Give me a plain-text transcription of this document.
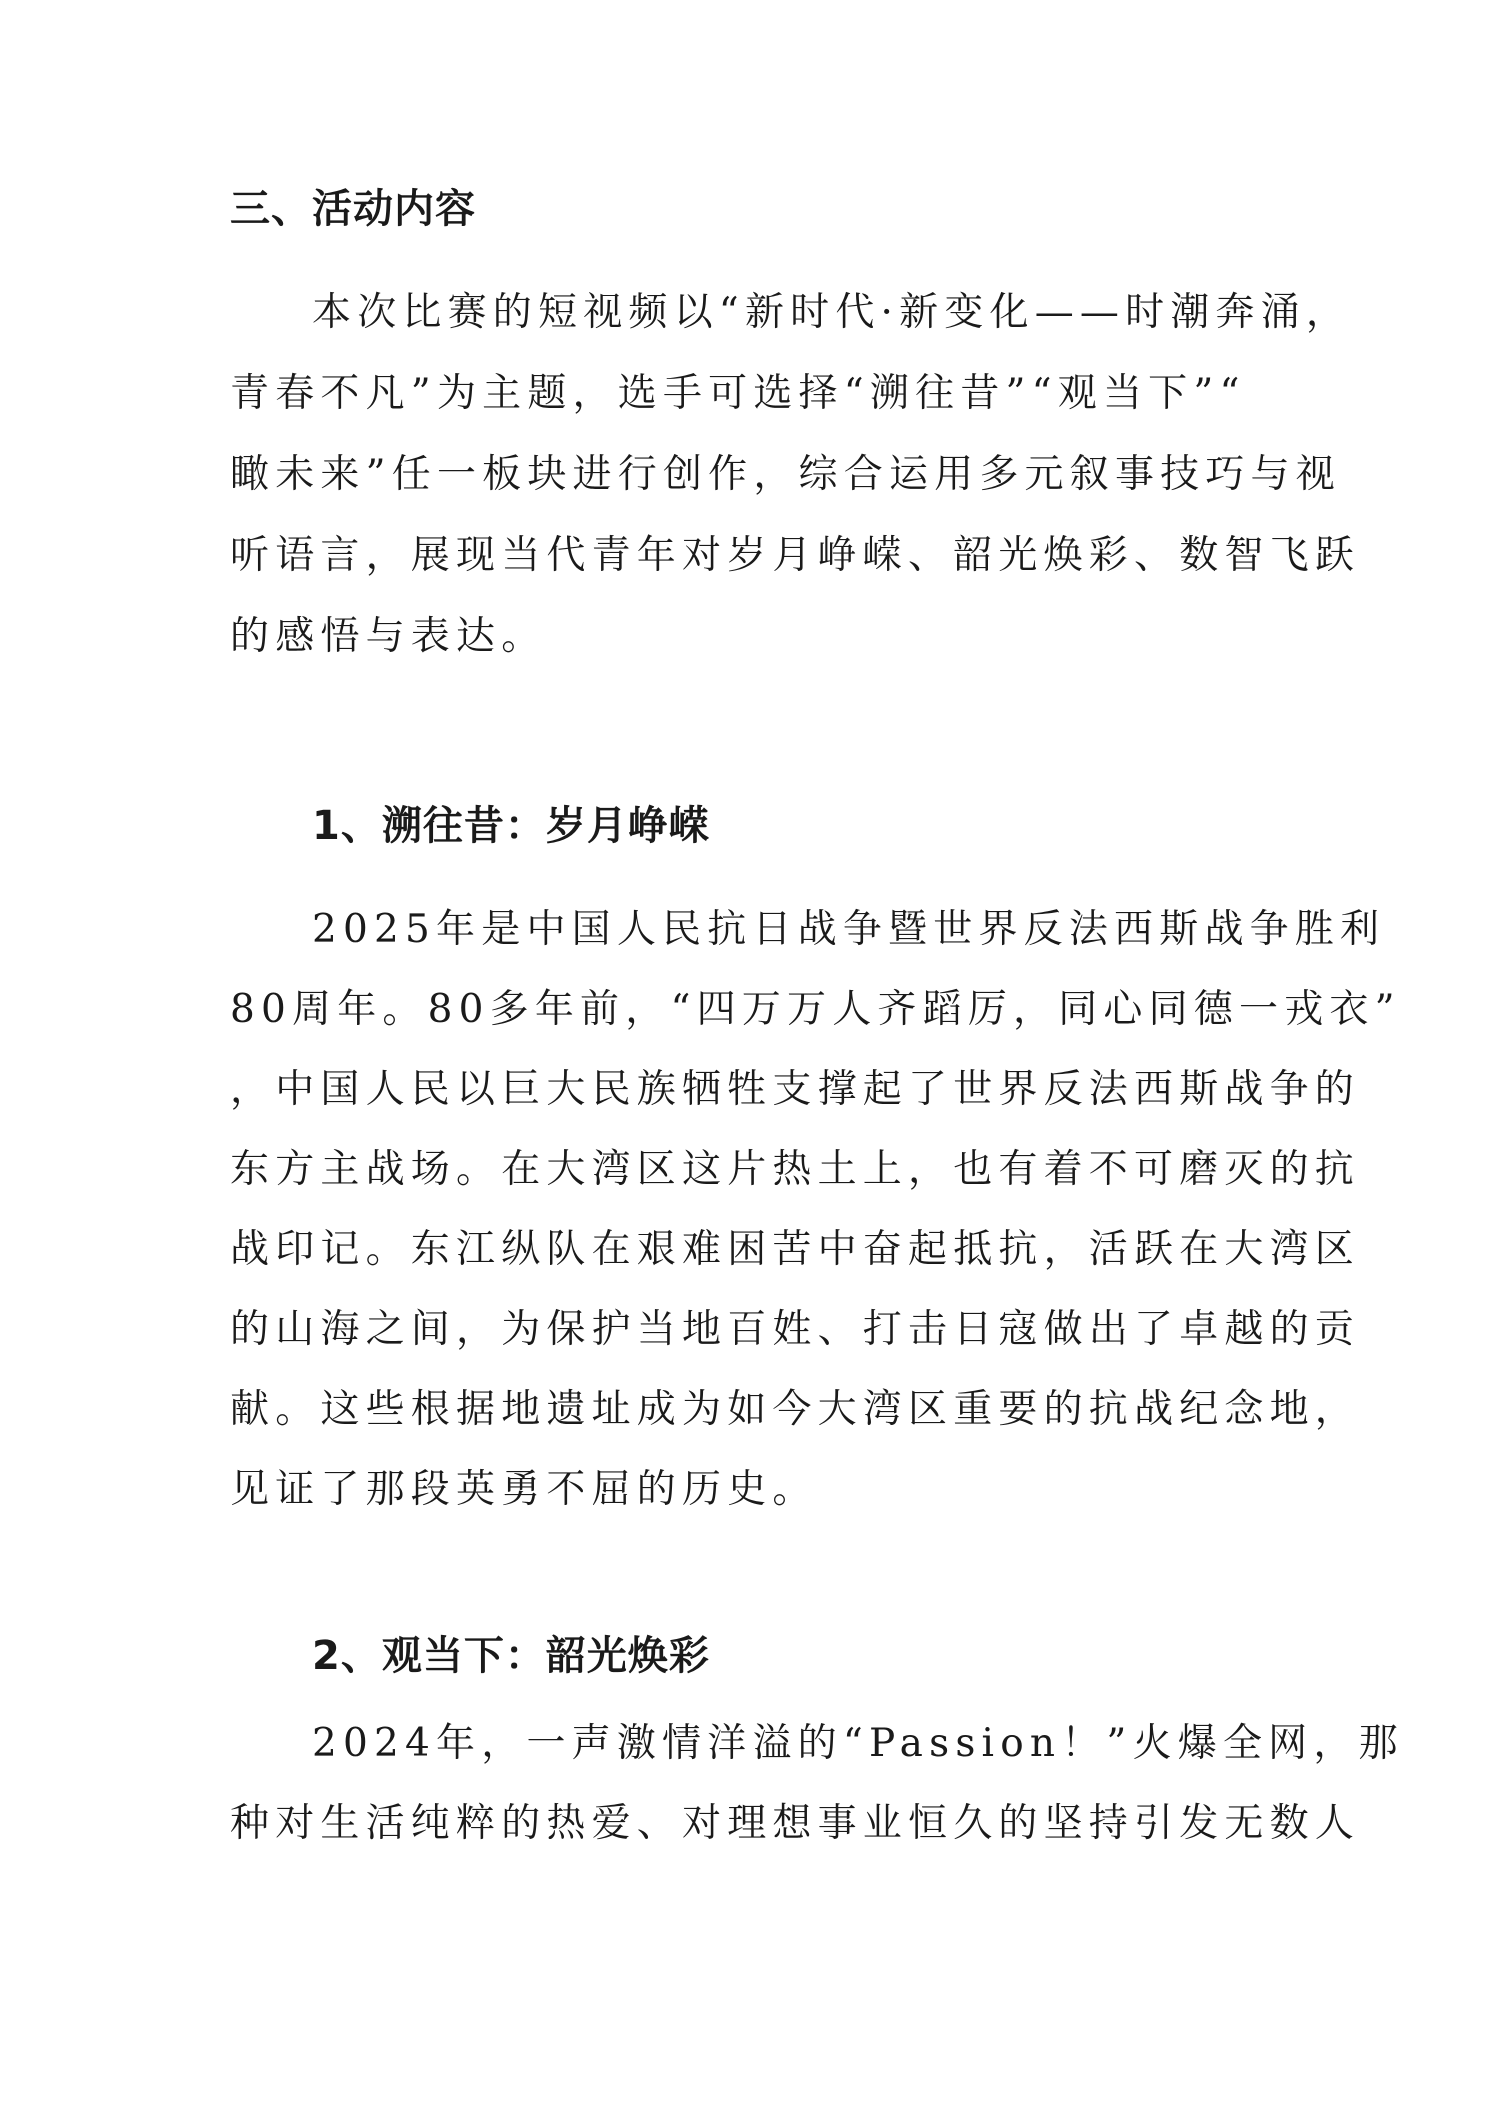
三、活动内容
本次比赛的短视频以“新时代·新变化——时潮奔涌，
青春不凡”为主题，选手可选择“溯往昔”“观当下”“
瞰未来”任一板块进行创作，综合运用多元叙事技巧与视
听语言，展现当代青年对岁月峥嵘、韶光焕彩、数智飞跃
的感悟与表达。
1、溯往昔：岁月峥嵘
2025年是中国人民抗日战争暨世界反法西斯战争胜利
80周年。80多年前，“四万万人齐蹈厉，同心同德一戎衣”
，中国人民以巨大民族牺牲支撑起了世界反法西斯战争的
东方主战场。在大湾区这片热土上，也有着不可磨灭的抗
战印记。东江纵队在艰难困苦中奋起抵抗，活跃在大湾区
的山海之间，为保护当地百姓、打击日寇做出了卓越的贡
献。这些根据地遗址成为如今大湾区重要的抗战纪念地，
见证了那段英勇不屈的历史。
2、观当下：韶光焕彩
2024年，一声激情洋溢的“Passion！”火爆全网，那
种对生活纯粹的热爱、对理想事业恒久的坚持引发无数人
